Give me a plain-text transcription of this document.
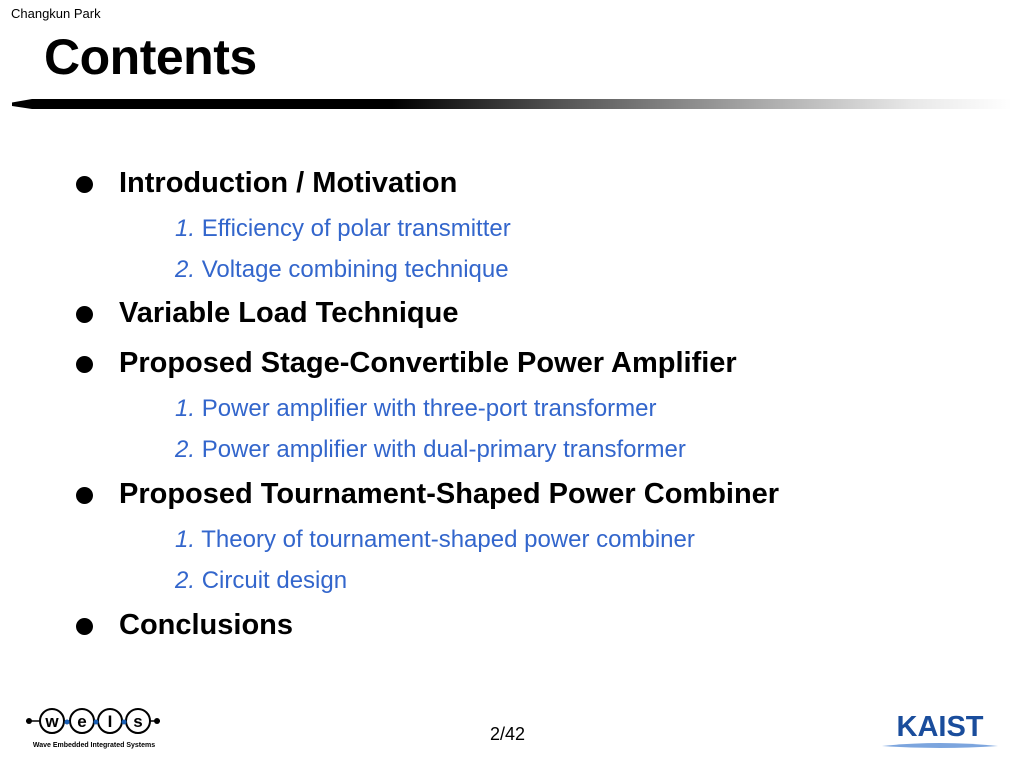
Changkun Park
Contents
Introduction / Motivation
1. Efficiency of polar transmitter
2. Voltage combining technique
Variable Load Technique
Proposed Stage-Convertible Power Amplifier
1. Power amplifier with three-port transformer
2. Power amplifier with dual-primary transformer
Proposed Tournament-Shaped Power Combiner
1. Theory of tournament-shaped power combiner
2. Circuit design
Conclusions
w e I s
Wave Embedded Integrated Systems
2/42	KAIST
